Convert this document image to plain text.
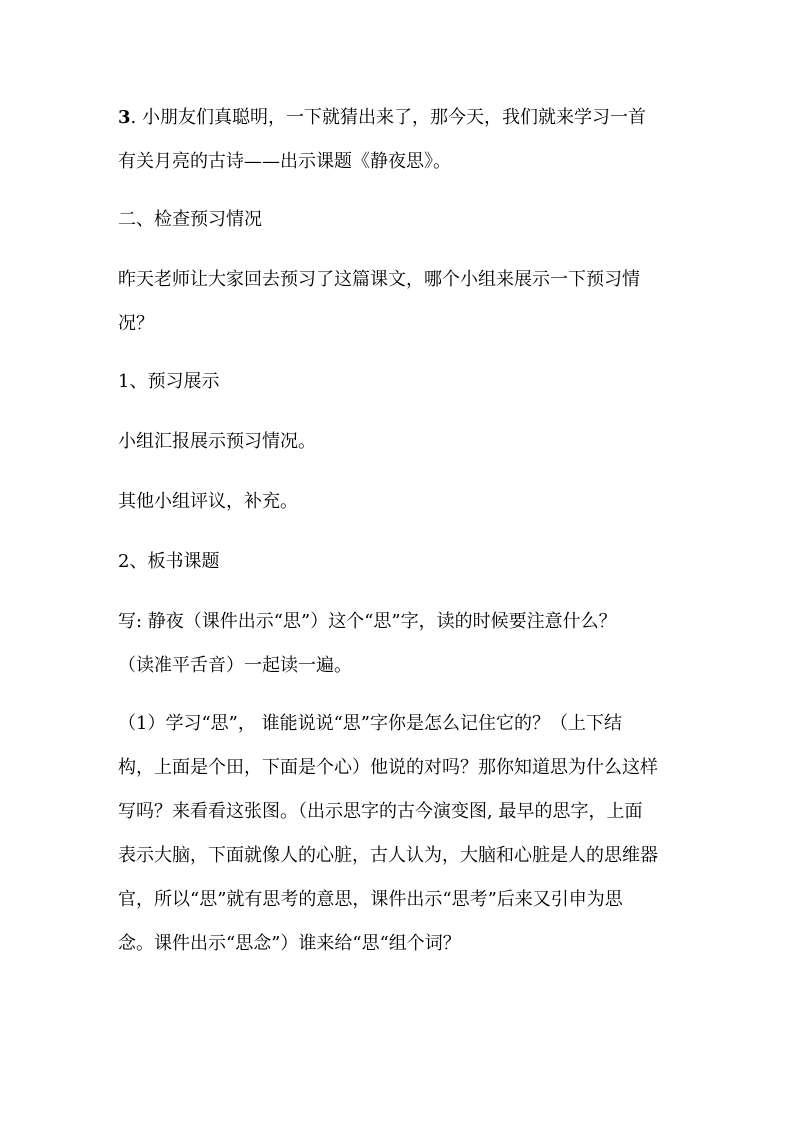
3. 小朋友们真聪明，一下就猜出来了，那今天，我们就来学习一首
有关月亮的古诗——出示课题《静夜思》。

二、检查预习情况

昨天老师让大家回去预习了这篇课文，哪个小组来展示一下预习情
况？

1、预习展示

小组汇报展示预习情况。

其他小组评议，补充。

2、板书课题

写: 静夜（课件出示“思”）这个“思”字，读的时候要注意什么？
（读准平舌音）一起读一遍。

（1）学习“思”， 谁能说说“思”字你是怎么记住它的？（上下结
构，上面是个田，下面是个心）他说的对吗？那你知道思为什么这样
写吗？来看看这张图。（出示思字的古今演变图, 最早的思字，上面
表示大脑，下面就像人的心脏，古人认为，大脑和心脏是人的思维器
官，所以“思”就有思考的意思，课件出示“思考”后来又引申为思
念。课件出示“思念”）谁来给“思“组个词？
